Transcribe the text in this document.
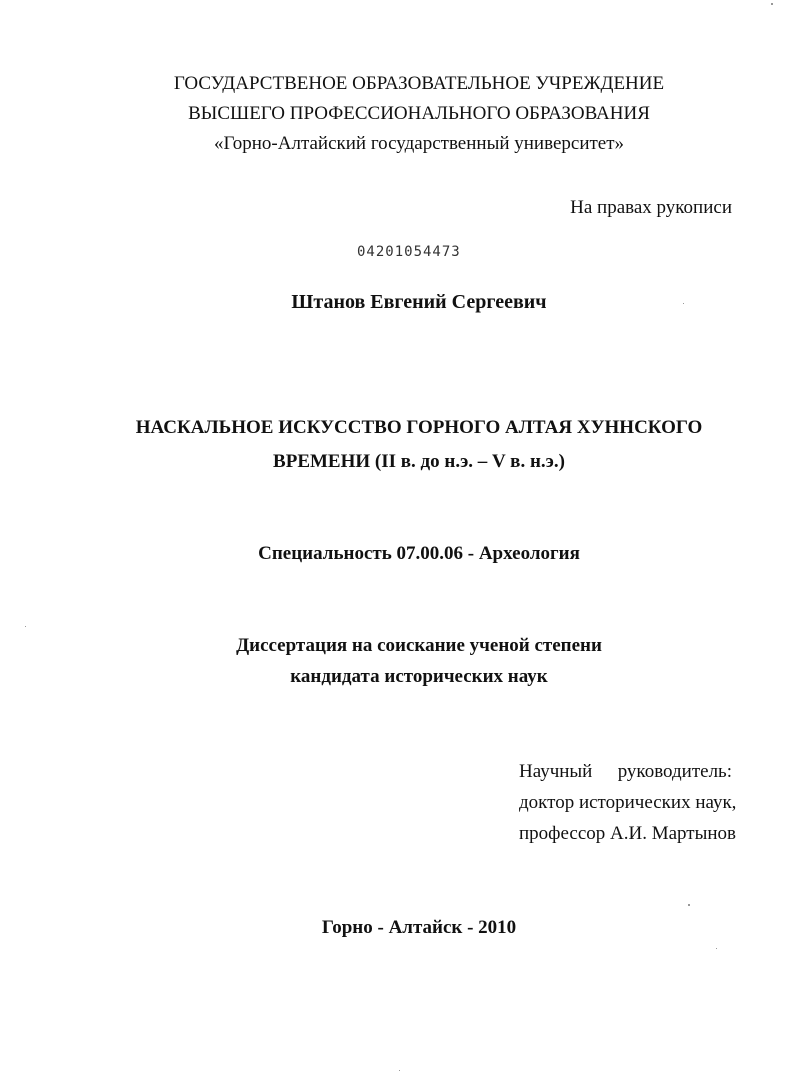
ГОСУДАРСТВЕНОЕ ОБРАЗОВАТЕЛЬНОЕ УЧРЕЖДЕНИЕ
ВЫСШЕГО ПРОФЕССИОНАЛЬНОГО ОБРАЗОВАНИЯ
«Горно-Алтайский государственный университет»
На правах рукописи
04201054473
Штанов Евгений Сергеевич
НАСКАЛЬНОЕ ИСКУССТВО ГОРНОГО АЛТАЯ ХУННСКОГО
ВРЕМЕНИ (II в. до н.э. – V в. н.э.)
Специальность 07.00.06 - Археология
Диссертация на соискание ученой степени
кандидата исторических наук
Научный руководитель:
доктор исторических наук,
профессор А.И. Мартынов
Горно - Алтайск - 2010
